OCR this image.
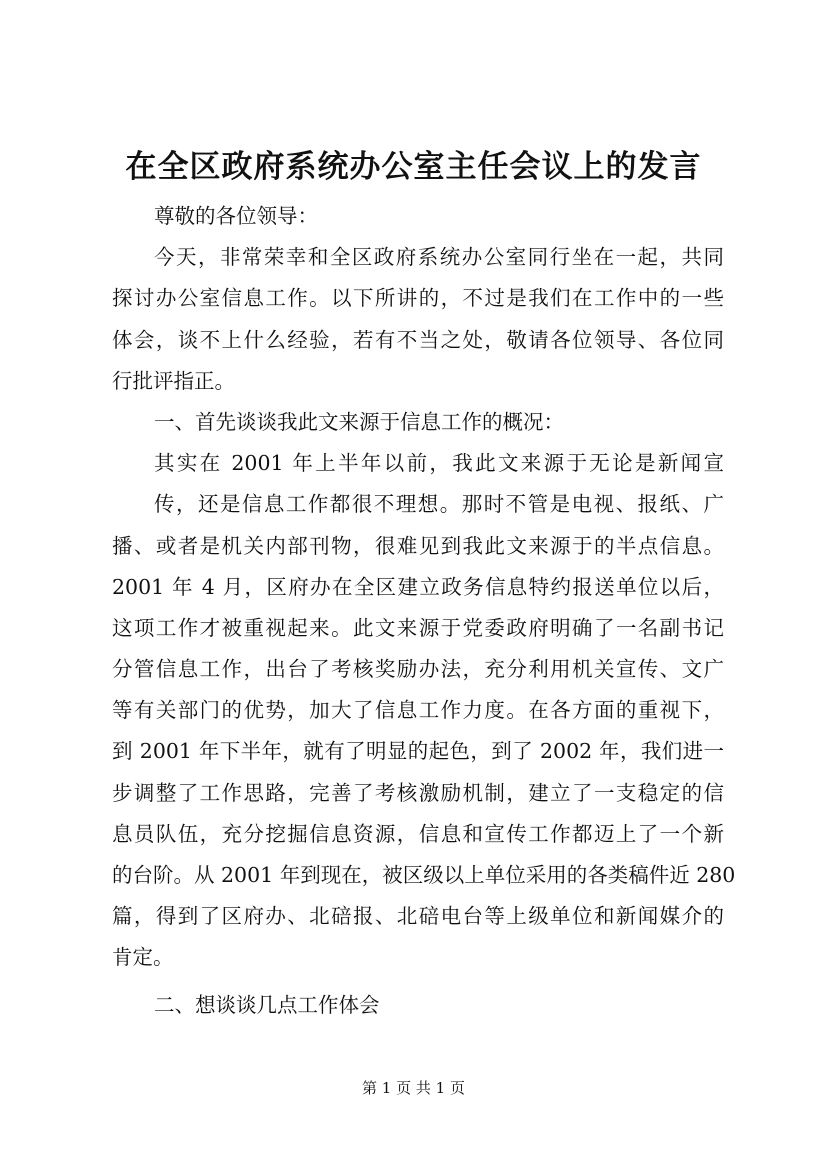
在全区政府系统办公室主任会议上的发言
尊敬的各位领导：

今天，非常荣幸和全区政府系统办公室同行坐在一起，共同
探讨办公室信息工作。以下所讲的，不过是我们在工作中的一些
体会，谈不上什么经验，若有不当之处，敬请各位领导、各位同
行批评指正。

一、首先谈谈我此文来源于信息工作的概况：

其实在 2001 年上半年以前，我此文来源于无论是新闻宣
传，还是信息工作都很不理想。那时不管是电视、报纸、广
播、或者是机关内部刊物，很难见到我此文来源于的半点信息。
2001 年 4 月，区府办在全区建立政务信息特约报送单位以后，
这项工作才被重视起来。此文来源于党委政府明确了一名副书记
分管信息工作，出台了考核奖励办法，充分利用机关宣传、文广
等有关部门的优势，加大了信息工作力度。在各方面的重视下，
到 2001 年下半年，就有了明显的起色，到了 2002 年，我们进一
步调整了工作思路，完善了考核激励机制，建立了一支稳定的信
息员队伍，充分挖掘信息资源，信息和宣传工作都迈上了一个新
的台阶。从 2001 年到现在，被区级以上单位采用的各类稿件近 280
篇，得到了区府办、北碚报、北碚电台等上级单位和新闻媒介的
肯定。

二、想谈谈几点工作体会
第 1 页 共 1 页
